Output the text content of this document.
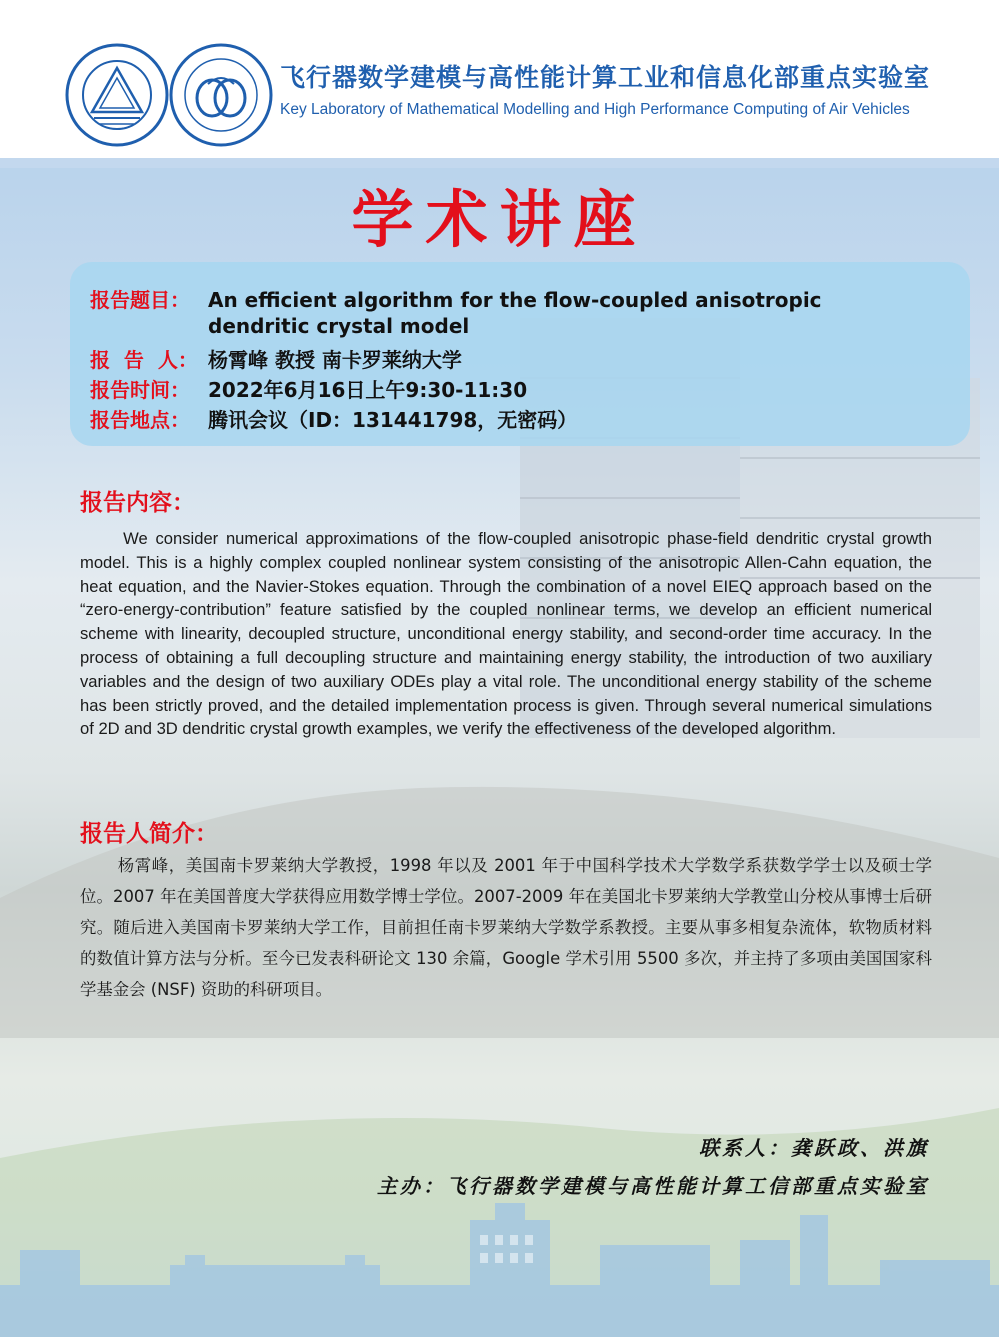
飞行器数学建模与高性能计算工业和信息化部重点实验室
Key Laboratory of Mathematical Modelling and High Performance Computing of Air Vehicles
学术讲座
报告题目： An efficient algorithm for the flow-coupled anisotropic
dendritic crystal model
报  告  人： 杨霄峰 教授 南卡罗莱纳大学
报告时间： 2022年6月16日上午9:30-11:30
报告地点： 腾讯会议（ID：131441798，无密码）
报告内容：
We consider numerical approximations of the flow-coupled anisotropic phase-field dendritic crystal growth model. This is a highly complex coupled nonlinear system consisting of the anisotropic Allen-Cahn equation, the heat equation, and the Navier-Stokes equation. Through the combination of a novel EIEQ approach based on the “zero-energy-contribution” feature satisfied by the coupled nonlinear terms, we develop an efficient numerical scheme with linearity, decoupled structure, unconditional energy stability, and second-order time accuracy. In the process of obtaining a full decoupling structure and maintaining energy stability, the introduction of two auxiliary variables and the design of two auxiliary ODEs play a vital role. The unconditional energy stability of the scheme has been strictly proved, and the detailed implementation process is given. Through several numerical simulations of 2D and 3D dendritic crystal growth examples, we verify the effectiveness of the developed algorithm.
报告人简介：
杨霄峰，美国南卡罗莱纳大学教授，1998 年以及 2001 年于中国科学技术大学数学系获数学学士以及硕士学位。2007 年在美国普度大学获得应用数学博士学位。2007-2009 年在美国北卡罗莱纳大学教堂山分校从事博士后研究。随后进入美国南卡罗莱纳大学工作，目前担任南卡罗莱纳大学数学系教授。主要从事多相复杂流体，软物质材料的数值计算方法与分析。至今已发表科研论文 130 余篇，Google 学术引用 5500 多次，并主持了多项由美国国家科学基金会 (NSF) 资助的科研项目。
联系人：龚跃政、洪旗
主办：飞行器数学建模与高性能计算工信部重点实验室
